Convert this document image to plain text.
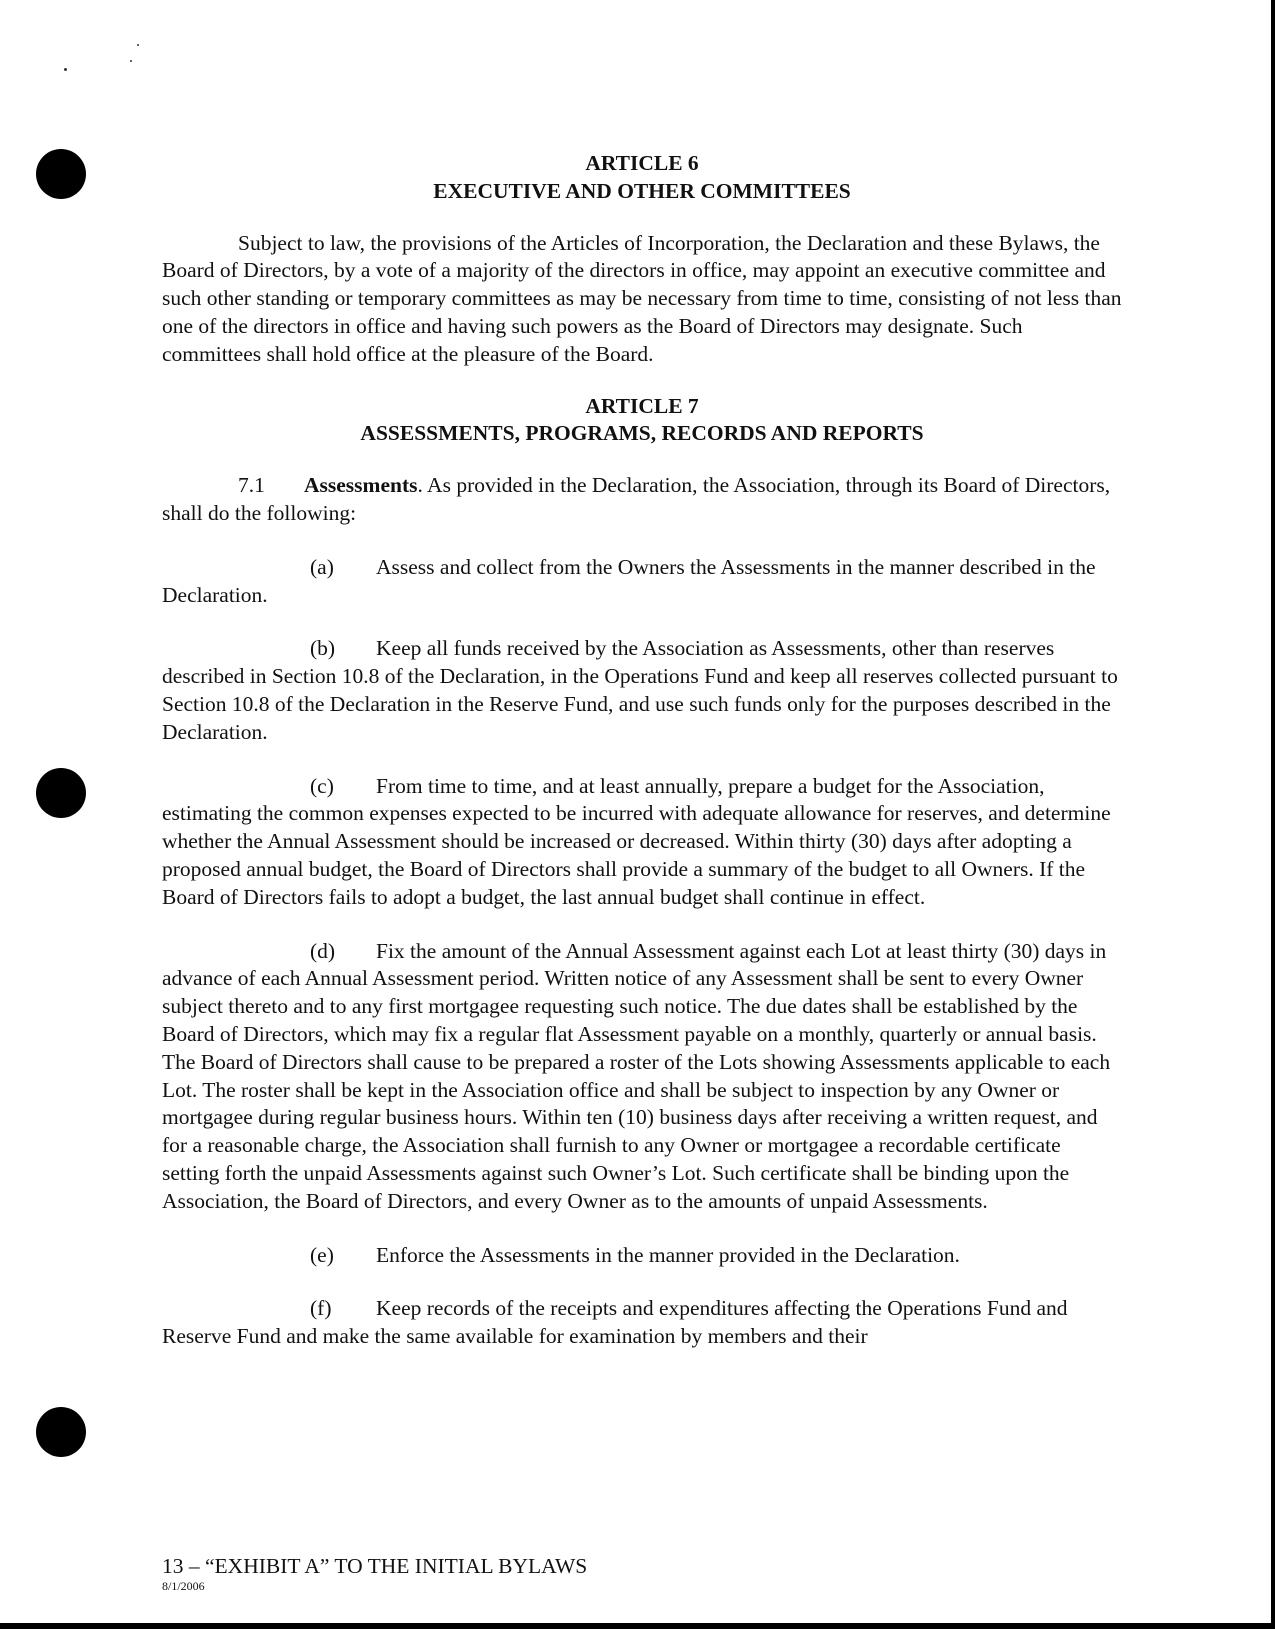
ARTICLE 6

EXECUTIVE AND OTHER COMMITTEES

Subject to law, the provisions of the Articles of Incorporation, the Declaration and these Bylaws, the Board of Directors, by a vote of a majority of the directors in office, may appoint an executive committee and such other standing or temporary committees as may be necessary from time to time, consisting of not less than one of the directors in office and having such powers as the Board of Directors may designate. Such committees shall hold office at the pleasure of the Board.

ARTICLE 7

ASSESSMENTS, PROGRAMS, RECORDS AND REPORTS

7.1 Assessments. As provided in the Declaration, the Association, through its Board of Directors, shall do the following:

(a) Assess and collect from the Owners the Assessments in the manner described in the Declaration.

(b) Keep all funds received by the Association as Assessments, other than reserves described in Section 10.8 of the Declaration, in the Operations Fund and keep all reserves collected pursuant to Section 10.8 of the Declaration in the Reserve Fund, and use such funds only for the purposes described in the Declaration.

(c) From time to time, and at least annually, prepare a budget for the Association, estimating the common expenses expected to be incurred with adequate allowance for reserves, and determine whether the Annual Assessment should be increased or decreased. Within thirty (30) days after adopting a proposed annual budget, the Board of Directors shall provide a summary of the budget to all Owners. If the Board of Directors fails to adopt a budget, the last annual budget shall continue in effect.

(d) Fix the amount of the Annual Assessment against each Lot at least thirty (30) days in advance of each Annual Assessment period. Written notice of any Assessment shall be sent to every Owner subject thereto and to any first mortgagee requesting such notice. The due dates shall be established by the Board of Directors, which may fix a regular flat Assessment payable on a monthly, quarterly or annual basis. The Board of Directors shall cause to be prepared a roster of the Lots showing Assessments applicable to each Lot. The roster shall be kept in the Association office and shall be subject to inspection by any Owner or mortgagee during regular business hours. Within ten (10) business days after receiving a written request, and for a reasonable charge, the Association shall furnish to any Owner or mortgagee a recordable certificate setting forth the unpaid Assessments against such Owner’s Lot. Such certificate shall be binding upon the Association, the Board of Directors, and every Owner as to the amounts of unpaid Assessments.

(e) Enforce the Assessments in the manner provided in the Declaration.

(f) Keep records of the receipts and expenditures affecting the Operations Fund and Reserve Fund and make the same available for examination by members and their

13 – “EXHIBIT A” TO THE INITIAL BYLAWS
8/1/2006
